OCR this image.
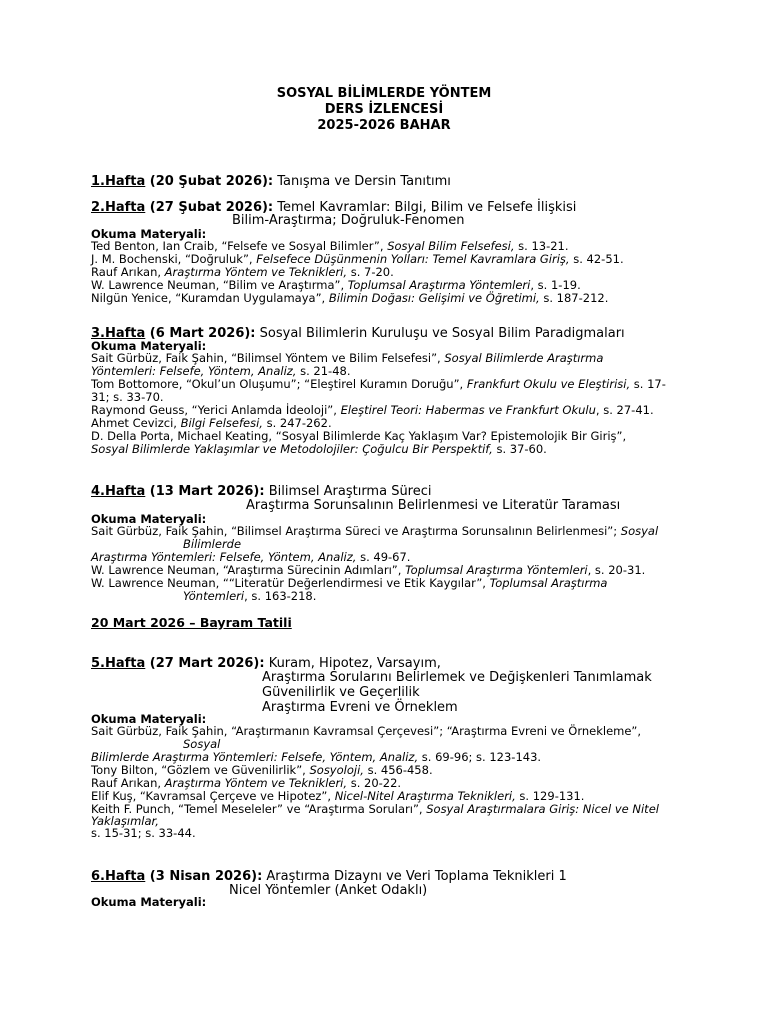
SOSYAL BİLİMLERDE YÖNTEM
DERS İZLENCESİ
2025-2026 BAHAR
1.Hafta (20 Şubat 2026): Tanışma ve Dersin Tanıtımı
2.Hafta (27 Şubat 2026): Temel Kavramlar: Bilgi, Bilim ve Felsefe İlişkisi
Bilim-Araştırma; Doğruluk-Fenomen
Okuma Materyali:
Ted Benton, Ian Craib, “Felsefe ve Sosyal Bilimler”, Sosyal Bilim Felsefesi, s. 13-21.
J. M. Bochenski, “Doğruluk”, Felsefece Düşünmenin Yolları: Temel Kavramlara Giriş, s. 42-51.
Rauf Arıkan, Araştırma Yöntem ve Teknikleri, s. 7-20.
W. Lawrence Neuman, “Bilim ve Araştırma”, Toplumsal Araştırma Yöntemleri, s. 1-19.
Nilgün Yenice, “Kuramdan Uygulamaya”, Bilimin Doğası: Gelişimi ve Öğretimi, s. 187-212.
3.Hafta (6 Mart 2026): Sosyal Bilimlerin Kuruluşu ve Sosyal Bilim Paradigmaları
Okuma Materyali:
Sait Gürbüz, Faik Şahin, “Bilimsel Yöntem ve Bilim Felsefesi”, Sosyal Bilimlerde Araştırma
Yöntemleri: Felsefe, Yöntem, Analiz, s. 21-48.
Tom Bottomore, “Okul’un Oluşumu”; “Eleştirel Kuramın Doruğu”, Frankfurt Okulu ve Eleştirisi, s. 17-
31; s. 33-70.
Raymond Geuss, “Yerici Anlamda İdeoloji”, Eleştirel Teori: Habermas ve Frankfurt Okulu, s. 27-41.
Ahmet Cevizci, Bilgi Felsefesi, s. 247-262.
D. Della Porta, Michael Keating, “Sosyal Bilimlerde Kaç Yaklaşım Var? Epistemolojik Bir Giriş”,
Sosyal Bilimlerde Yaklaşımlar ve Metodolojiler: Çoğulcu Bir Perspektif, s. 37-60.
4.Hafta (13 Mart 2026): Bilimsel Araştırma Süreci
Araştırma Sorunsalının Belirlenmesi ve Literatür Taraması
Okuma Materyali:
Sait Gürbüz, Faik Şahin, “Bilimsel Araştırma Süreci ve Araştırma Sorunsalının Belirlenmesi”; Sosyal
Bilimlerde
Araştırma Yöntemleri: Felsefe, Yöntem, Analiz, s. 49-67.
W. Lawrence Neuman, “Araştırma Sürecinin Adımları”, Toplumsal Araştırma Yöntemleri, s. 20-31.
W. Lawrence Neuman, ““Literatür Değerlendirmesi ve Etik Kaygılar”, Toplumsal Araştırma
Yöntemleri, s. 163-218.
20 Mart 2026 – Bayram Tatili
5.Hafta (27 Mart 2026): Kuram, Hipotez, Varsayım,
Araştırma Sorularını Belirlemek ve Değişkenleri Tanımlamak
Güvenilirlik ve Geçerlilik
Araştırma Evreni ve Örneklem
Okuma Materyali:
Sait Gürbüz, Faik Şahin, “Araştırmanın Kavramsal Çerçevesi”; “Araştırma Evreni ve Örnekleme”,
Sosyal
Bilimlerde Araştırma Yöntemleri: Felsefe, Yöntem, Analiz, s. 69-96; s. 123-143.
Tony Bilton, “Gözlem ve Güvenilirlik”, Sosyoloji, s. 456-458.
Rauf Arıkan, Araştırma Yöntem ve Teknikleri, s. 20-22.
Elif Kuş, “Kavramsal Çerçeve ve Hipotez”, Nicel-Nitel Araştırma Teknikleri, s. 129-131.
Keith F. Punch, “Temel Meseleler” ve “Araştırma Soruları”, Sosyal Araştırmalara Giriş: Nicel ve Nitel
Yaklaşımlar,
s. 15-31; s. 33-44.
6.Hafta (3 Nisan 2026): Araştırma Dizaynı ve Veri Toplama Teknikleri 1
Nicel Yöntemler (Anket Odaklı)
Okuma Materyali:
